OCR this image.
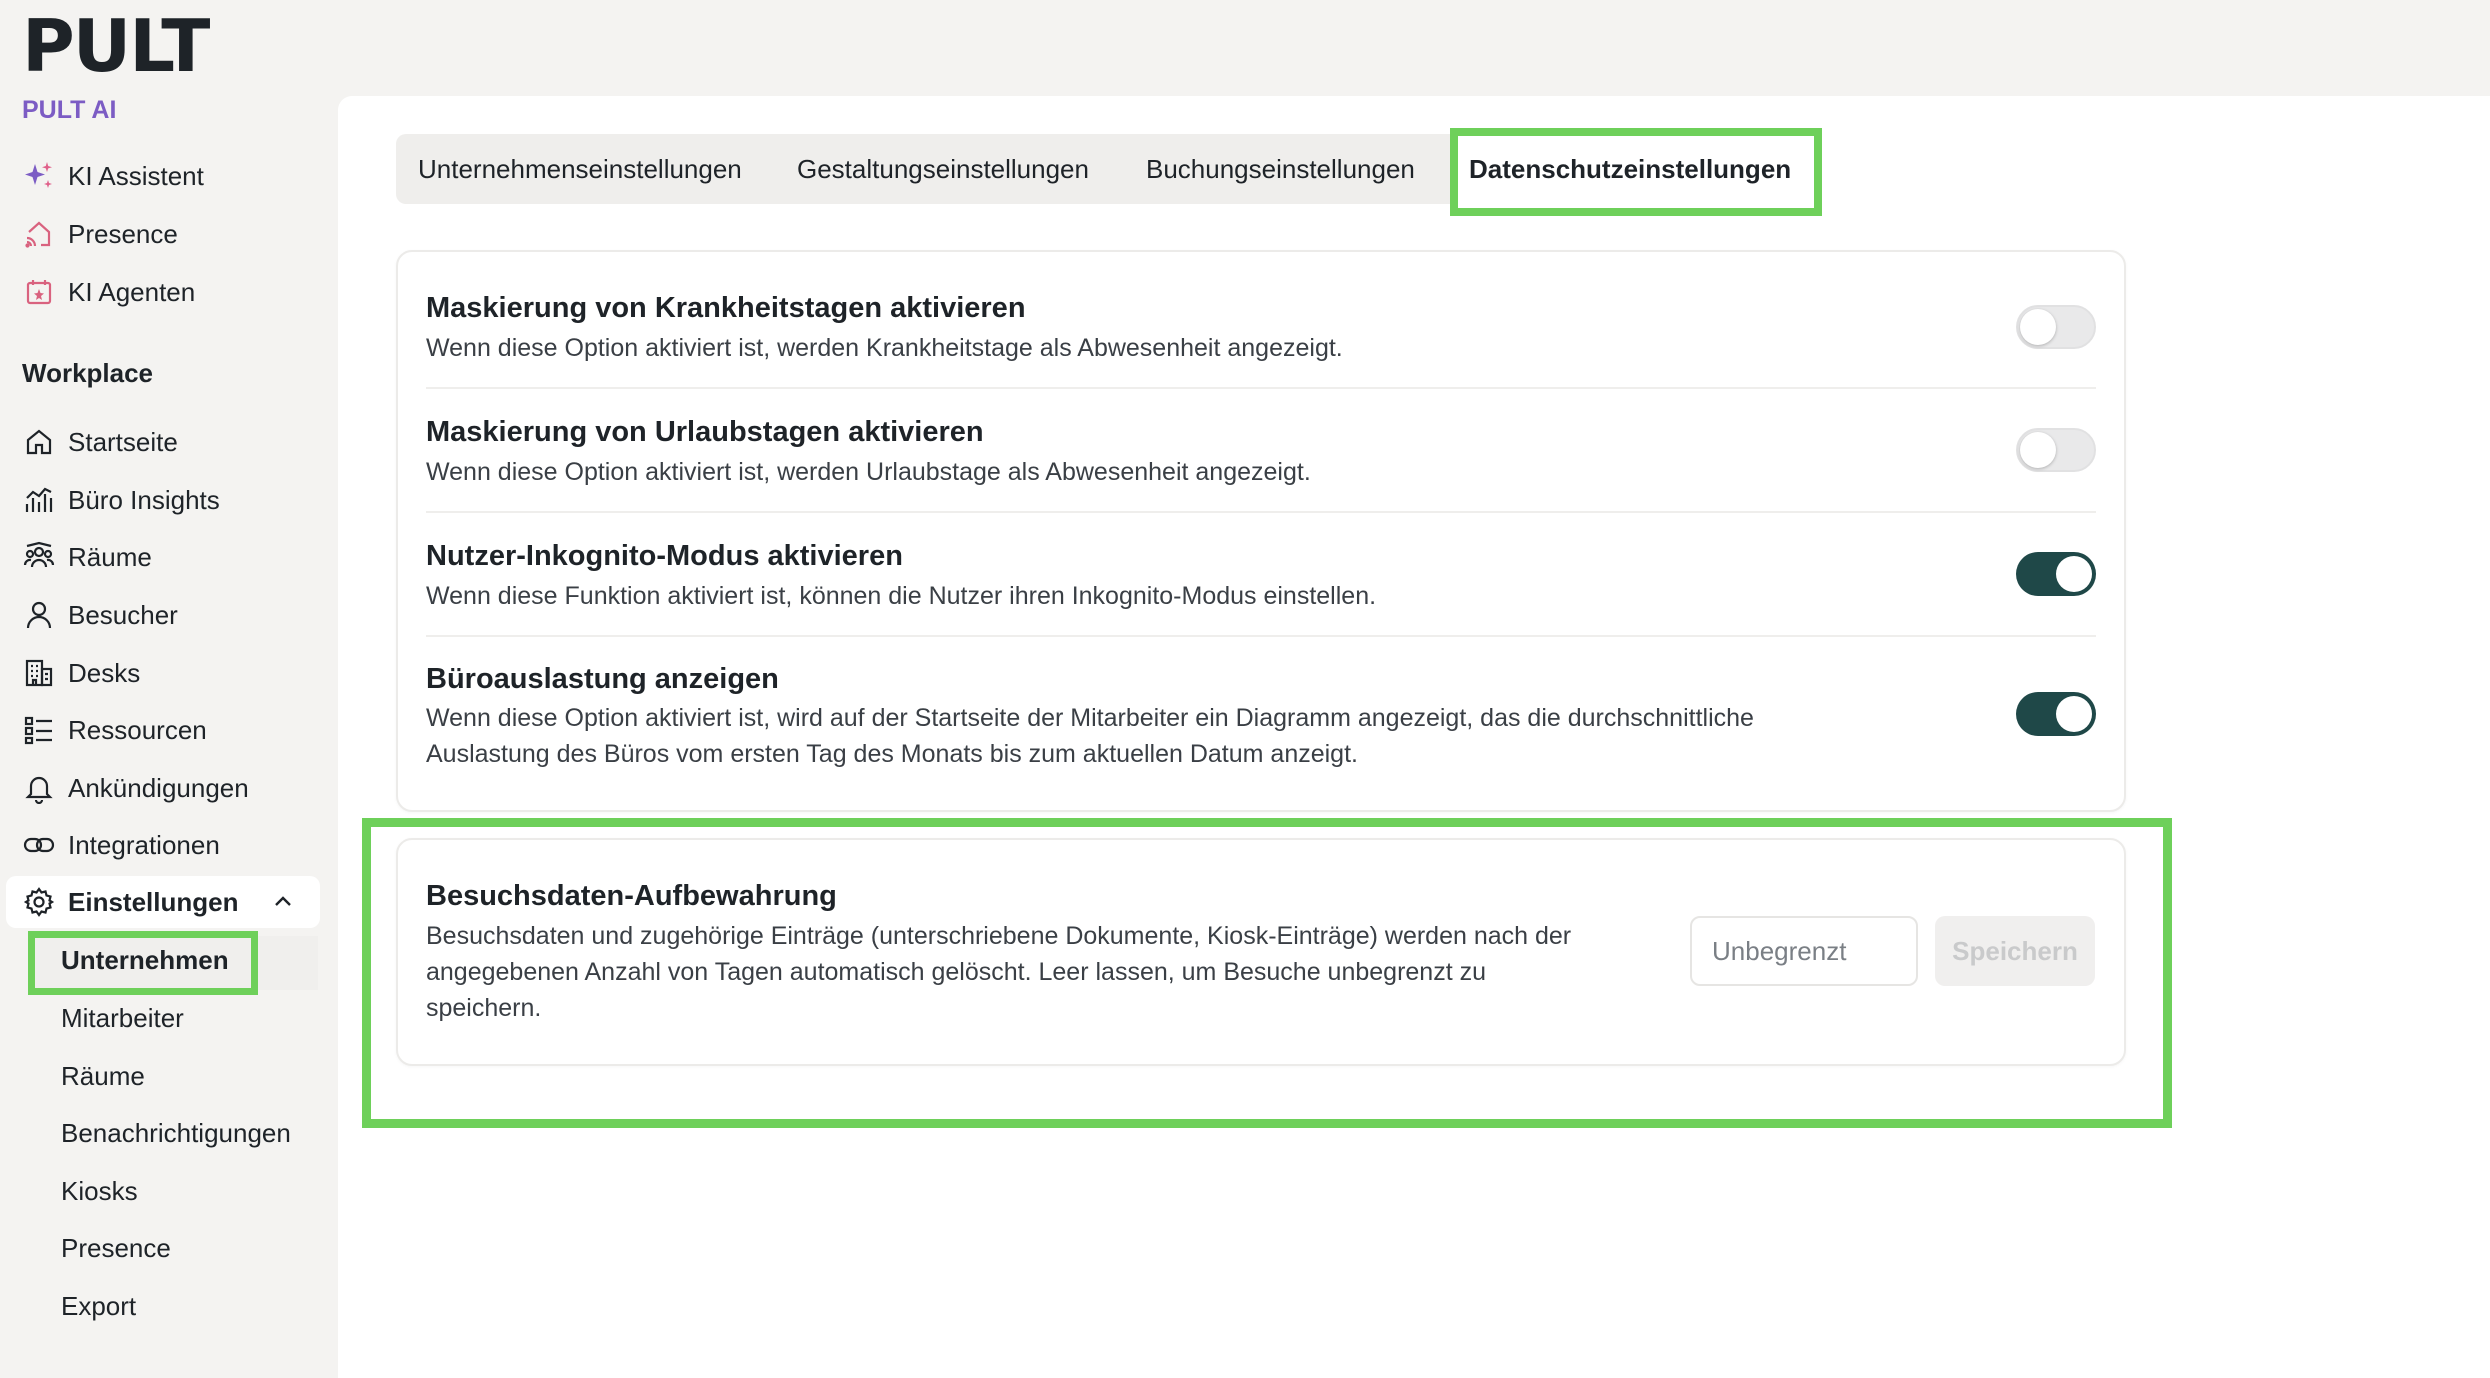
PULT
PULT AI
KI Assistent
Presence
KI Agenten
Workplace
Startseite
Büro Insights
Räume
Besucher
Desks
Ressourcen
Ankündigungen
Integrationen
Einstellungen
Unternehmen
Mitarbeiter
Räume
Benachrichtigungen
Kiosks
Presence
Export
Unternehmenseinstellungen Gestaltungseinstellungen Buchungseinstellungen Datenschutzeinstellungen
Maskierung von Krankheitstagen aktivieren
Wenn diese Option aktiviert ist, werden Krankheitstage als Abwesenheit angezeigt.
Maskierung von Urlaubstagen aktivieren
Wenn diese Option aktiviert ist, werden Urlaubstage als Abwesenheit angezeigt.
Nutzer-Inkognito-Modus aktivieren
Wenn diese Funktion aktiviert ist, können die Nutzer ihren Inkognito-Modus einstellen.
Büroauslastung anzeigen
Wenn diese Option aktiviert ist, wird auf der Startseite der Mitarbeiter ein Diagramm angezeigt, das die durchschnittliche
Auslastung des Büros vom ersten Tag des Monats bis zum aktuellen Datum anzeigt.
Besuchsdaten-Aufbewahrung
Besuchsdaten und zugehörige Einträge (unterschriebene Dokumente, Kiosk-Einträge) werden nach der
angegebenen Anzahl von Tagen automatisch gelöscht. Leer lassen, um Besuche unbegrenzt zu
speichern.
Unbegrenzt	Speichern
